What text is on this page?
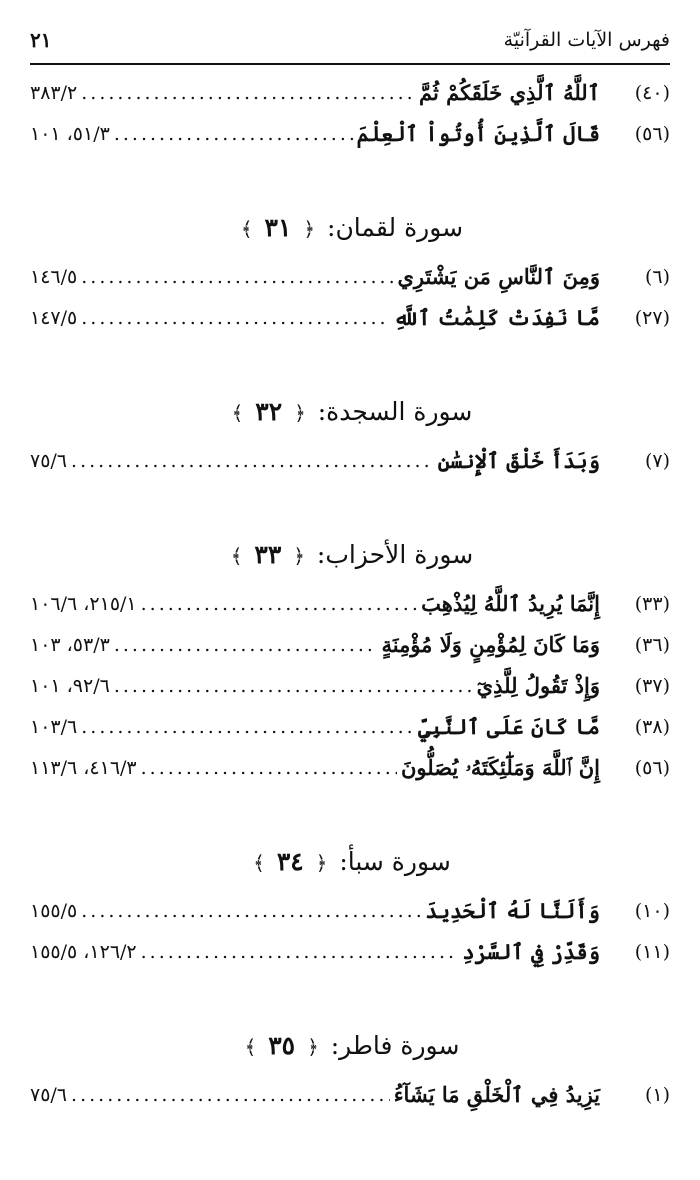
فهرس الآيات القرآنيّة
٢١
(٤٠)
ٱللَّهُ ٱلَّذِي خَلَقَكُمْ ثُمَّ
.....
٣٨٣/٢
(٥٦)
قَالَ ٱلَّذِينَ أُوتُواْ ٱلْعِلْمَ
.....
٥١/٣، ١٠١
سورة لقمان: ﴿ ٣١ ﴾
(٦)
وَمِنَ ٱلنَّاسِ مَن يَشْتَرِي
.....
١٤٦/٥
(٢٧)
مَّا نَفِدَتْ كَلِمَٰتُ ٱللَّهِ
.....
١٤٧/٥
سورة السجدة: ﴿ ٣٢ ﴾
(٧)
وَبَدَأَ خَلْقَ ٱلْإِنسَٰنِ
.....
٧٥/٦
سورة الأحزاب: ﴿ ٣٣ ﴾
(٣٣)
إِنَّمَا يُرِيدُ ٱللَّهُ لِيُذْهِبَ
.....
٢١٥/١، ١٠٦/٦
(٣٦)
وَمَا كَانَ لِمُؤْمِنٍ وَلَا مُؤْمِنَةٍ
.....
٥٣/٣، ١٠٣
(٣٧)
وَإِذْ تَقُولُ لِلَّذِيٓ
.....
٩٢/٦، ١٠١
(٣٨)
مَّا كَانَ عَلَى ٱلنَّبِيِّ
.....
١٠٣/٦
(٥٦)
إِنَّ ٱللَّهَ وَمَلَٰٓئِكَتَهُۥ يُصَلُّونَ
.....
٤١٦/٣، ١١٣/٦
سورة سبأ: ﴿ ٣٤ ﴾
(١٠)
وَأَلَنَّا لَهُ ٱلْحَدِيدَ
.....
١٥٥/٥
(١١)
وَقَدِّرْ فِي ٱلسَّرْدِ
.....
١٢٦/٢، ١٥٥/٥
سورة فاطر: ﴿ ٣٥ ﴾
(١)
يَزِيدُ فِي ٱلْخَلْقِ مَا يَشَآءُ
.....
٧٥/٦
